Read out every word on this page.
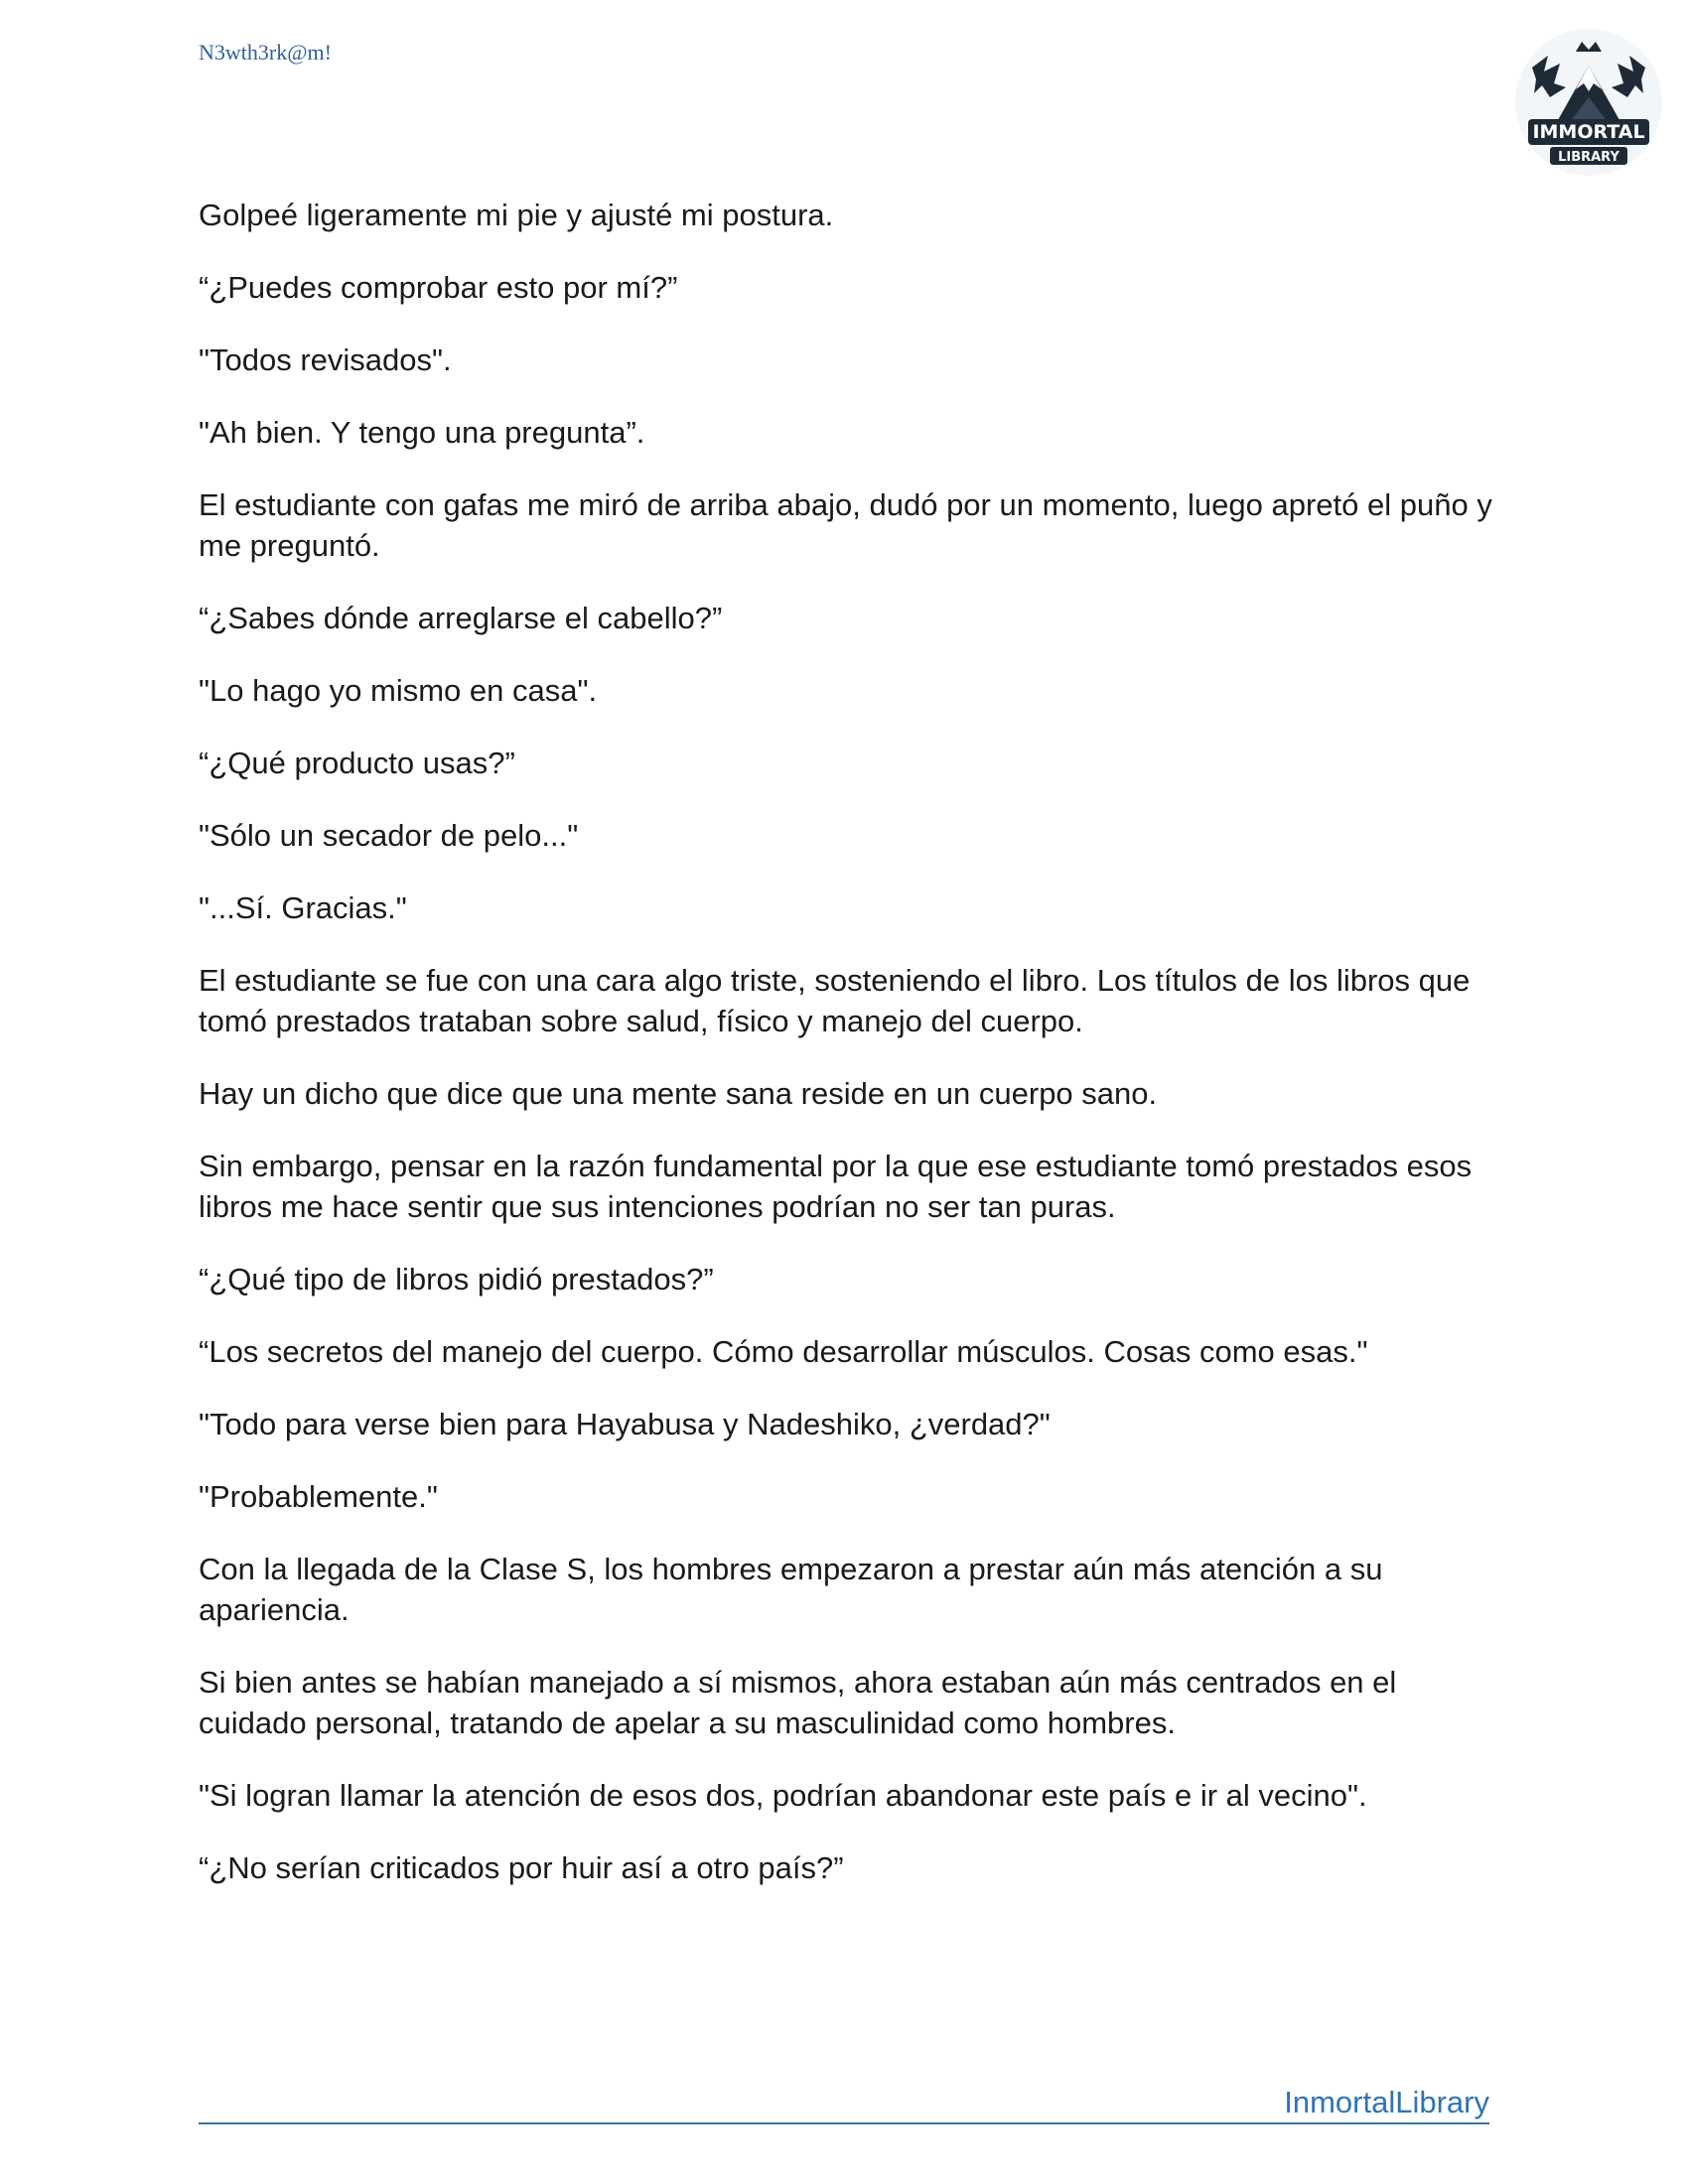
N3wth3rk@m!
IMMORTAL
LIBRARY

Golpeé ligeramente mi pie y ajusté mi postura.

“¿Puedes comprobar esto por mí?”

"Todos revisados".

"Ah bien. Y tengo una pregunta”.

El estudiante con gafas me miró de arriba abajo, dudó por un momento, luego apretó el puño y me preguntó.

“¿Sabes dónde arreglarse el cabello?”

"Lo hago yo mismo en casa".

“¿Qué producto usas?”

"Sólo un secador de pelo..."

"...Sí. Gracias."

El estudiante se fue con una cara algo triste, sosteniendo el libro. Los títulos de los libros que tomó prestados trataban sobre salud, físico y manejo del cuerpo.

Hay un dicho que dice que una mente sana reside en un cuerpo sano.

Sin embargo, pensar en la razón fundamental por la que ese estudiante tomó prestados esos libros me hace sentir que sus intenciones podrían no ser tan puras.

“¿Qué tipo de libros pidió prestados?”

“Los secretos del manejo del cuerpo. Cómo desarrollar músculos. Cosas como esas."

"Todo para verse bien para Hayabusa y Nadeshiko, ¿verdad?"

"Probablemente."

Con la llegada de la Clase S, los hombres empezaron a prestar aún más atención a su apariencia.

Si bien antes se habían manejado a sí mismos, ahora estaban aún más centrados en el cuidado personal, tratando de apelar a su masculinidad como hombres.

"Si logran llamar la atención de esos dos, podrían abandonar este país e ir al vecino".

“¿No serían criticados por huir así a otro país?”

InmortalLibrary
